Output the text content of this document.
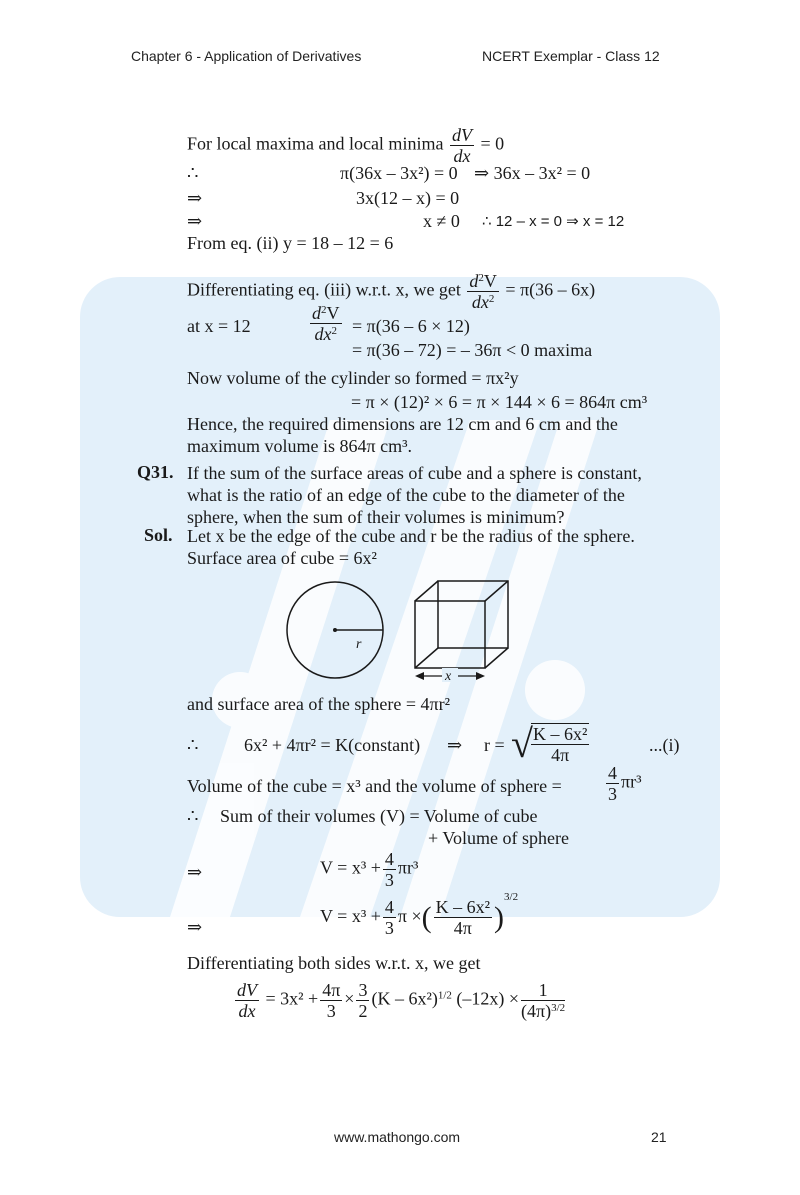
Chapter 6 - Application of Derivatives	NCERT Exemplar - Class 12
For local maxima and local minima $\frac{dV}{dx} = 0$
∴	π(36x – 3x²) = 0 ⇒ 36x – 3x² = 0
⇒	3x(12 – x) = 0
⇒	x ≠ 0 ∴ 12 – x = 0 ⇒ x = 12
From eq. (ii) y = 18 – 12 = 6
Differentiating eq. (iii) w.r.t. x, we get $\frac{d^2V}{dx^2} = \pi(36 - 6x)$
at x = 12	$\frac{d^2V}{dx^2} = \pi(36 - 6 \times 12)$
= π(36 – 72) = – 36π < 0 maxima
Now volume of the cylinder so formed = πx²y
= π × (12)² × 6 = π × 144 × 6 = 864π cm³
Hence, the required dimensions are 12 cm and 6 cm and the
maximum volume is 864π cm³.
Q31. If the sum of the surface areas of cube and a sphere is constant,
what is the ratio of an edge of the cube to the diameter of the
sphere, when the sum of their volumes is minimum?
Sol. Let x be the edge of the cube and r be the radius of the sphere.
Surface area of cube = 6x²
r
x
and surface area of the sphere = 4πr²
∴	6x² + 4πr² = K(constant) ⇒ r = √
$\frac{\text{K – 6x²}}{4\pi}$	...(i)
Volume of the cube = x³ and the volume of sphere = $\frac{4}{3} \pi r^3$
∴ Sum of their volumes (V) = Volume of cube
+ Volume of sphere
⇒	$V = x^3 + \frac{4}{3} \pi r^3$
⇒
$V = x^3 + \frac{4}{3}$ π ×( $\frac{\text{K – 6x²}}{4\pi} )^{3/2}$
Differentiating both sides w.r.t. x, we get
$\frac{dV}{dx} = 3x^2 + \frac{4\pi}{3} \times \frac{3}{2} (K - 6x^2)^{1/2}$ $(-12x) \times \frac{1}{(4\pi)^{3/2}}$
www.mathongo.com	21
